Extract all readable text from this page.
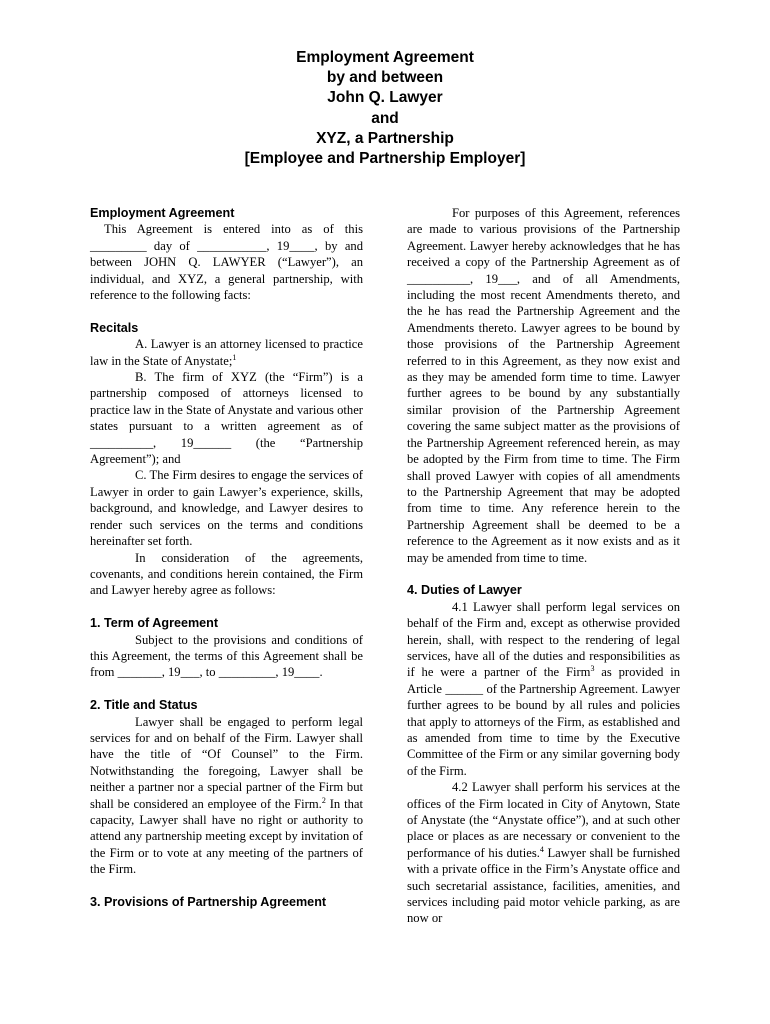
Employment Agreement
by and between
John Q. Lawyer
and
XYZ, a Partnership
[Employee and Partnership Employer]
Employment Agreement

This Agreement is entered into as of this _________ day of ___________, 19____, by and between JOHN Q. LAWYER (“Lawyer”), an individual, and XYZ, a general partnership, with reference to the following facts:

Recitals

A. Lawyer is an attorney licensed to practice law in the State of Anystate;$^1$

B. The firm of XYZ (the “Firm”) is a partnership composed of attorneys licensed to practice law in the State of Anystate and various other states pursuant to a written agreement as of __________, 19______ (the “Partnership Agreement”); and

C. The Firm desires to engage the services of Lawyer in order to gain Lawyer’s experience, skills, background, and knowledge, and Lawyer desires to render such services on the terms and conditions hereinafter set forth.

In consideration of the agreements, covenants, and conditions herein contained, the Firm and Lawyer hereby agree as follows:

1. Term of Agreement

Subject to the provisions and conditions of this Agreement, the terms of this Agreement shall be from _______, 19___, to _________, 19____.

2. Title and Status

Lawyer shall be engaged to perform legal services for and on behalf of the Firm. Lawyer shall have the title of “Of Counsel” to the Firm. Notwithstanding the foregoing, Lawyer shall be neither a partner nor a special partner of the Firm but shall be considered an employee of the Firm.$^2$ In that capacity, Lawyer shall have no right or authority to attend any partnership meeting except by invitation of the Firm or to vote at any meeting of the partners of the Firm.

3. Provisions of Partnership Agreement

For purposes of this Agreement, references are made to various provisions of the Partnership Agreement. Lawyer hereby acknowledges that he has received a copy of the Partnership Agreement as of __________, 19___, and of all Amendments, including the most recent Amendments thereto, and the he has read the Partnership Agreement and the Amendments thereto. Lawyer agrees to be bound by those provisions of the Partnership Agreement referred to in this Agreement, as they now exist and as they may be amended form time to time. Lawyer further agrees to be bound by any substantially similar provision of the Partnership Agreement covering the same subject matter as the provisions of the Partnership Agreement referenced herein, as may be adopted by the Firm from time to time. The Firm shall proved Lawyer with copies of all amendments to the Partnership Agreement that may be adopted from time to time. Any reference herein to the Partnership Agreement shall be deemed to be a reference to the Agreement as it now exists and as it may be amended from time to time.

4. Duties of Lawyer

4.1 Lawyer shall perform legal services on behalf of the Firm and, except as otherwise provided herein, shall, with respect to the rendering of legal services, have all of the duties and responsibilities as if he were a partner of the Firm$^3$ as provided in Article ______ of the Partnership Agreement. Lawyer further agrees to be bound by all rules and policies that apply to attorneys of the Firm, as established and as amended from time to time by the Executive Committee of the Firm or any similar governing body of the Firm.

4.2 Lawyer shall perform his services at the offices of the Firm located in City of Anytown, State of Anystate (the “Anystate office”), and at such other place or places as are necessary or convenient to the performance of his duties.$^4$ Lawyer shall be furnished with a private office in the Firm’s Anystate office and such secretarial assistance, facilities, amenities, and services including paid motor vehicle parking, as are now or
